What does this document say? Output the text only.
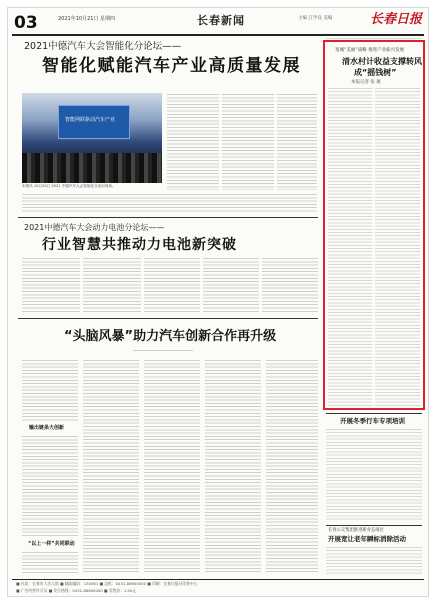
03	2021年10月21日 星期四	长春新闻	主编 江学良 美编	长春日报
2021中德汽车大会智能化分论坛——
智能化赋能汽车产业高质量发展
智能网联驱动汽车产业
本报讯 10月20日 2021 中德汽车大会智能化分论坛现场。
2021中德汽车大会动力电池分论坛——
行业智慧共推动力电池新突破
“头脑风暴”助力汽车创新合作再升级
输出链条大创新
“以上一样”共同联动
宽城“美丽”战略 推进产业振兴发展
清水村计收益支撑转风
成“摇钱树”
本报记者 张 航
开展冬季行车专项培训
长春公交集团推进新业态岗位
开展宽让老年瞬标消除活动
■ 社址：长春市人民大街 ■ 邮政编码：130061 ■ 总机：0431-88600000 ■ 印刷：长春日报社印务中心
■ 广告经营许可证 ■ 发行热线：0431-88600000 ■ 零售价：1.00元
